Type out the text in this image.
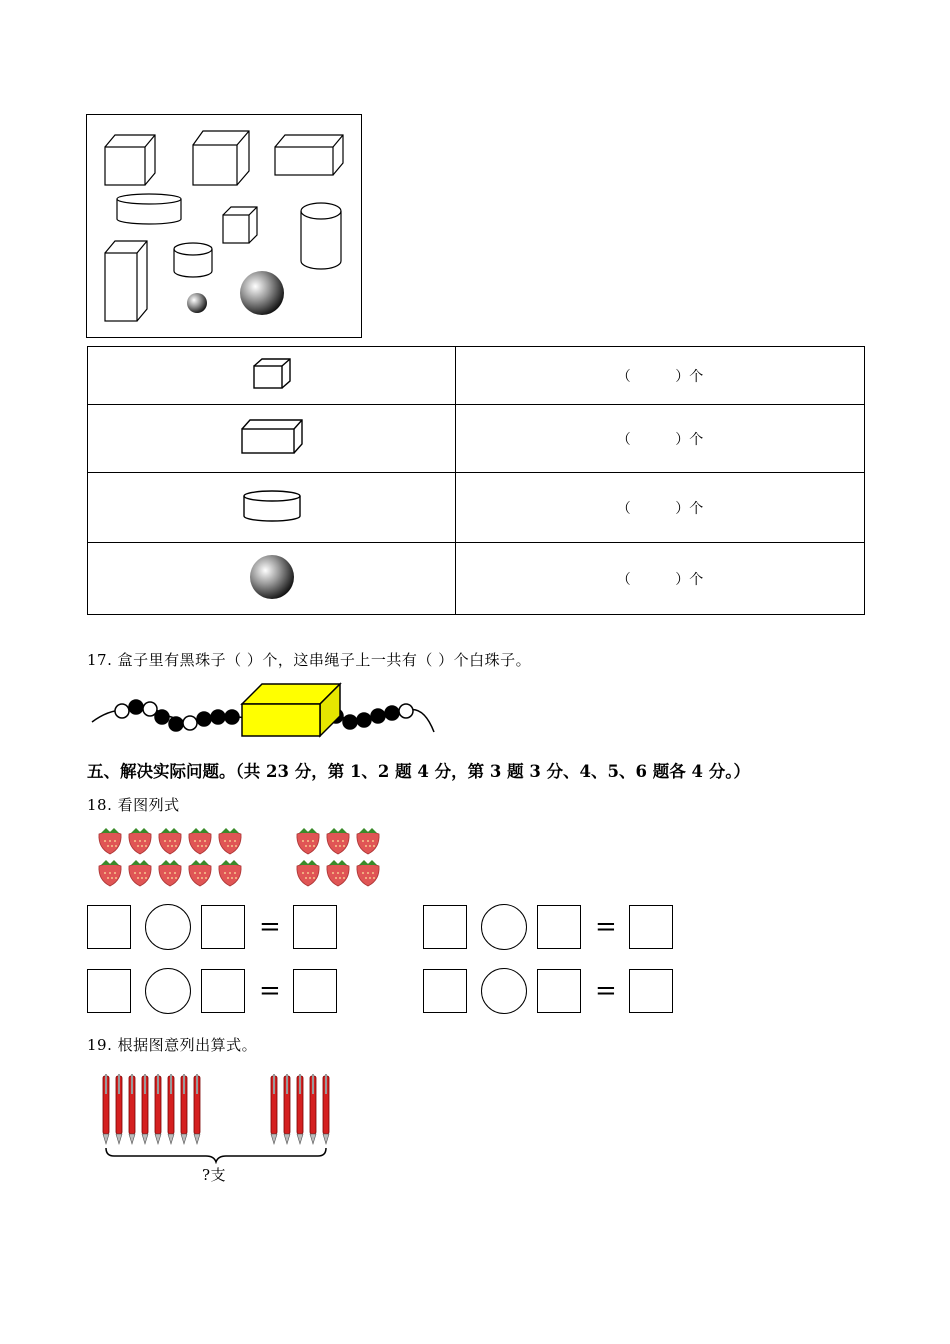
	（          ）个
	（          ）个
	（          ）个
	（          ）个
17. 盒子里有黑珠子（ ）个，这串绳子上一共有（ ）个白珠子。
五、解决实际问题。（共 23 分，第 1、2 题 4 分，第 3 题 3 分、4、5、6 题各 4 分。）
18. 看图列式
=	=
=	=
19. 根据图意列出算式。
?支
